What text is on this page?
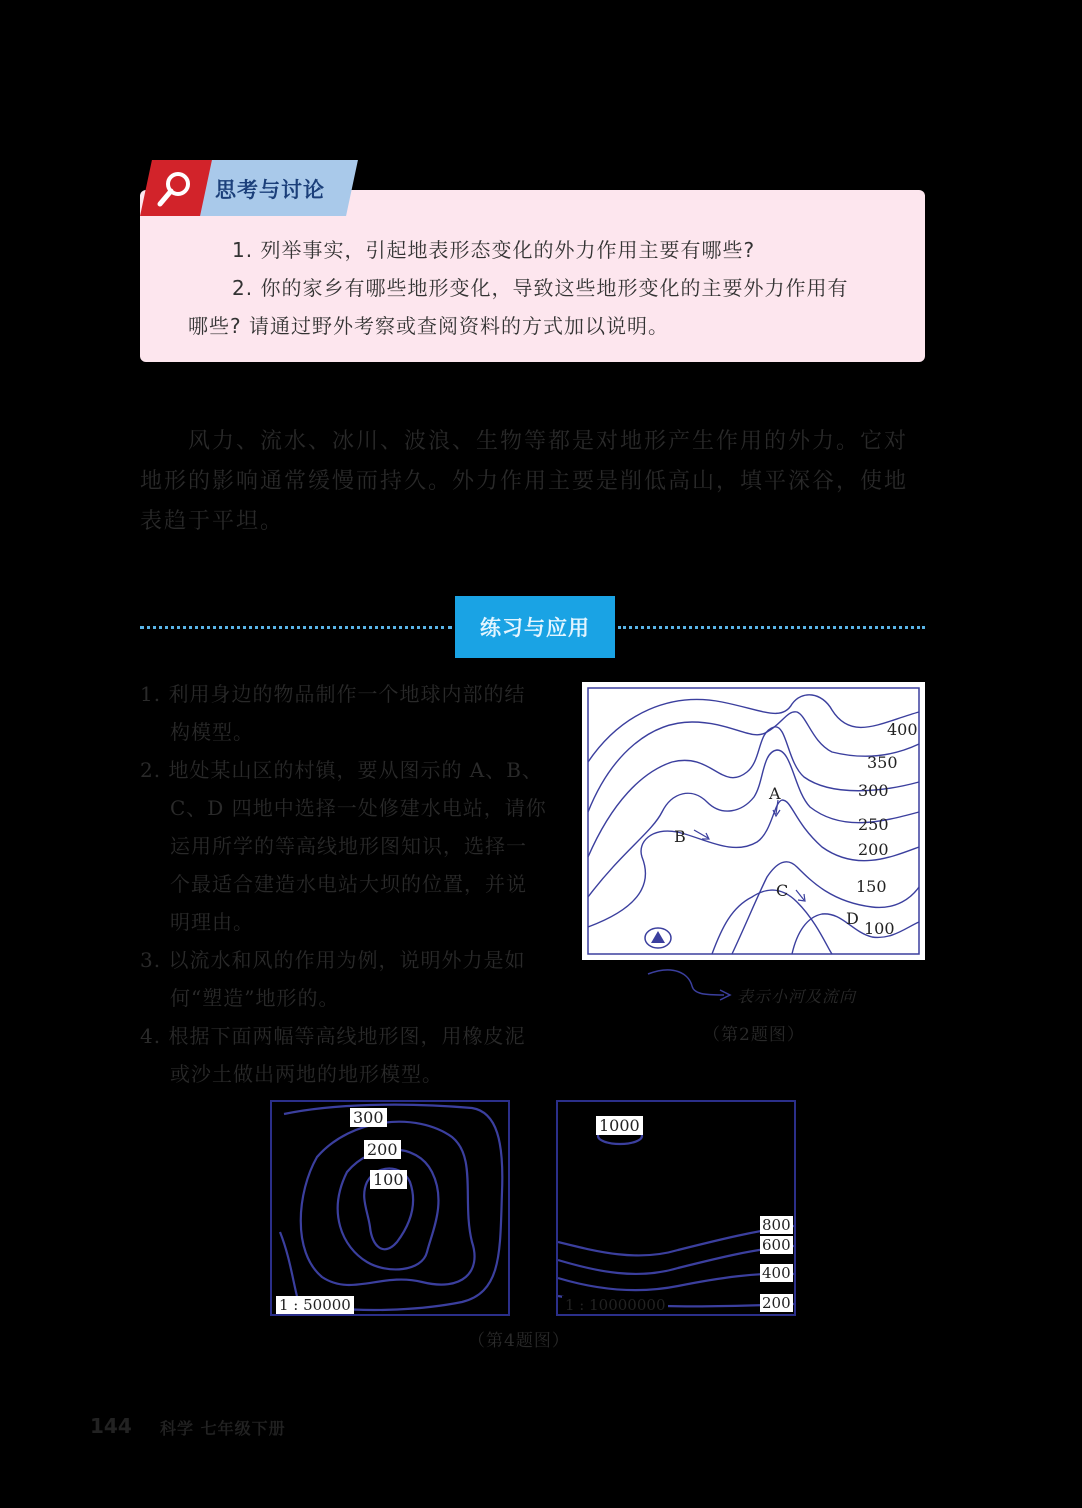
思考与讨论
1. 列举事实，引起地表形态变化的外力作用主要有哪些?
2. 你的家乡有哪些地形变化，导致这些地形变化的主要外力作用有
哪些? 请通过野外考察或查阅资料的方式加以说明。
风力、流水、冰川、波浪、生物等都是对地形产生作用的外力。它对
地形的影响通常缓慢而持久。外力作用主要是削低高山，填平深谷，使地
表趋于平坦。
练习与应用
1. 利用身边的物品制作一个地球内部的结
构模型。
2. 地处某山区的村镇，要从图示的 A、B、
C、D 四地中选择一处修建水电站，请你
运用所学的等高线地形图知识，选择一
个最适合建造水电站大坝的位置，并说
明理由。
3. 以流水和风的作用为例，说明外力是如
何“塑造”地形的。
4. 根据下面两幅等高线地形图，用橡皮泥
或沙土做出两地的地形模型。
400
350
300
250
200
150
100
A
B
C
D
表示小河及流向
（第2题图）
300
200
100
1 : 50000
1000
800
600
400
200
1 : 10000000
（第4题图）
144 科学 七年级下册
